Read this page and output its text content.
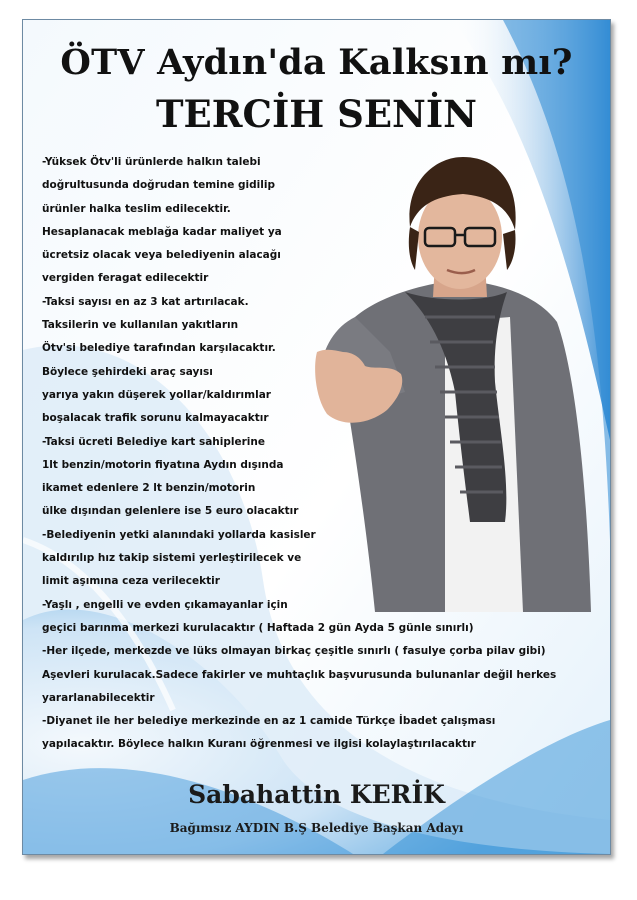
ÖTV Aydın'da Kalksın mı?
TERCİH SENİN
-Yüksek Ötv'li ürünlerde halkın talebi
doğrultusunda doğrudan temine gidilip
ürünler halka teslim edilecektir.
Hesaplanacak meblağa kadar maliyet ya
ücretsiz olacak veya belediyenin alacağı
vergiden feragat edilecektir
-Taksi sayısı en az 3 kat artırılacak.
Taksilerin ve kullanılan yakıtların
Ötv'si belediye tarafından karşılacaktır.
Böylece şehirdeki araç sayısı
yarıya yakın düşerek yollar/kaldırımlar
boşalacak trafik sorunu kalmayacaktır
-Taksi ücreti Belediye kart sahiplerine
1lt benzin/motorin fiyatına Aydın dışında
ikamet edenlere 2 lt benzin/motorin
ülke dışından gelenlere ise 5 euro olacaktır
-Belediyenin yetki alanındaki yollarda kasisler
kaldırılıp hız takip sistemi yerleştirilecek ve
limit aşımına ceza verilecektir
-Yaşlı , engelli ve evden çıkamayanlar için
geçici barınma merkezi kurulacaktır ( Haftada 2 gün Ayda 5 günle sınırlı)
-Her ilçede, merkezde ve lüks olmayan birkaç çeşitle sınırlı ( fasulye çorba pilav gibi)
Aşevleri kurulacak.Sadece fakirler ve muhtaçlık başvurusunda bulunanlar değil herkes
yararlanabilecektir
-Diyanet ile her belediye merkezinde en az 1 camide Türkçe İbadet çalışması
yapılacaktır. Böylece halkın Kuranı öğrenmesi ve ilgisi kolaylaştırılacaktır
Sabahattin KERİK
Bağımsız AYDIN B.Ş Belediye Başkan Adayı
